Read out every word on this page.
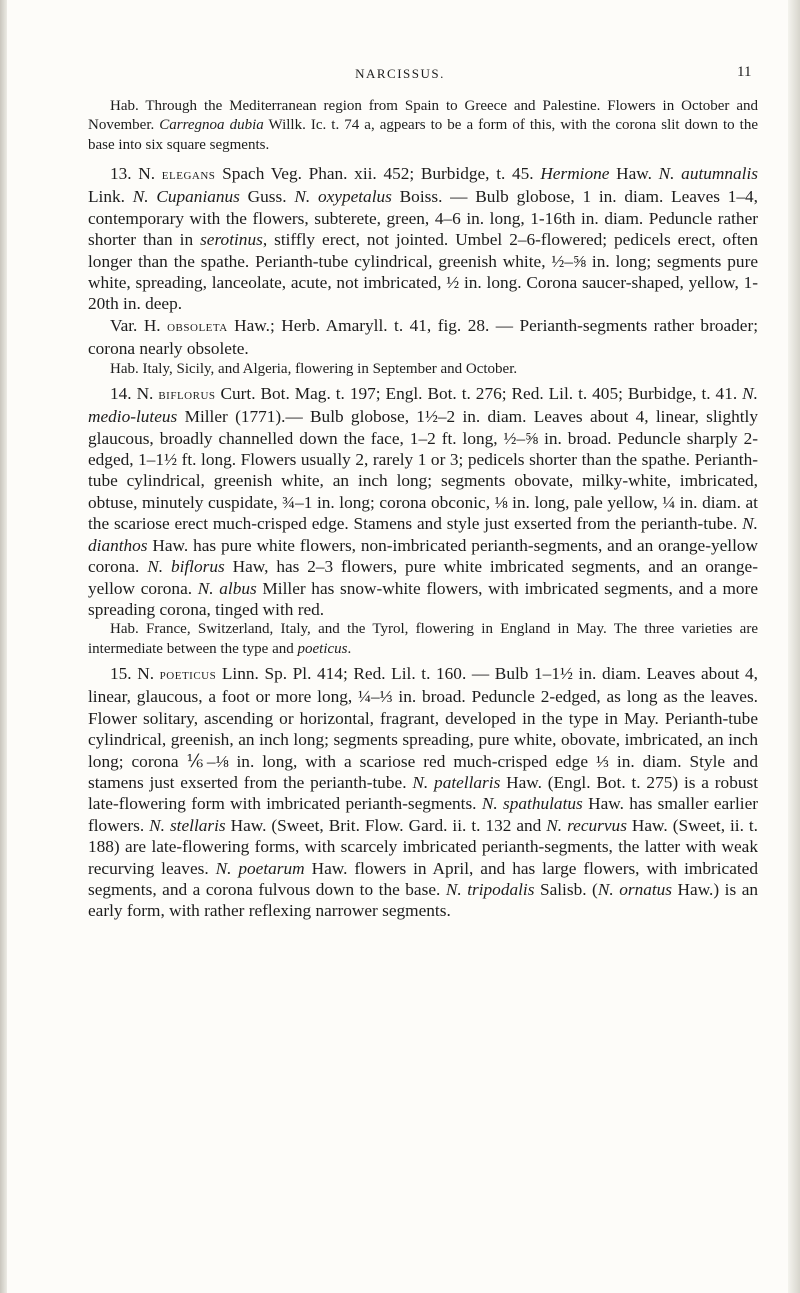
NARCISSUS.	11

Hab. Through the Mediterranean region from Spain to Greece and Palestine. Flowers in October and November. Carregnoa dubia Willk. Ic. t. 74 a, agpears to be a form of this, with the corona slit down to the base into six square segments.

13. N. elegans Spach Veg. Phan. xii. 452; Burbidge, t. 45. Hermione Haw. N. autumnalis Link. N. Cupanianus Guss. N. oxypetalus Boiss. — Bulb globose, 1 in. diam. Leaves 1–4, contemporary with the flowers, subterete, green, 4–6 in. long, 1-16th in. diam. Peduncle rather shorter than in serotinus, stiffly erect, not jointed. Umbel 2–6-flowered; pedicels erect, often longer than the spathe. Perianth-tube cylindrical, greenish white, ½–⅝ in. long; segments pure white, spreading, lanceolate, acute, not imbricated, ½ in. long. Corona saucer-shaped, yellow, 1-20th in. deep.

Var. H. obsoleta Haw.; Herb. Amaryll. t. 41, fig. 28. — Perianth-segments rather broader; corona nearly obsolete.

Hab. Italy, Sicily, and Algeria, flowering in September and October.

14. N. biflorus Curt. Bot. Mag. t. 197; Engl. Bot. t. 276; Red. Lil. t. 405; Burbidge, t. 41. N. medio-luteus Miller (1771).— Bulb globose, 1½–2 in. diam. Leaves about 4, linear, slightly glaucous, broadly channelled down the face, 1–2 ft. long, ½–⅝ in. broad. Peduncle sharply 2-edged, 1–1½ ft. long. Flowers usually 2, rarely 1 or 3; pedicels shorter than the spathe. Perianth-tube cylindrical, greenish white, an inch long; segments obovate, milky-white, imbricated, obtuse, minutely cuspidate, ¾–1 in. long; corona obconic, ⅛ in. long, pale yellow, ¼ in. diam. at the scariose erect much-crisped edge. Stamens and style just exserted from the perianth-tube. N. dianthos Haw. has pure white flowers, non-imbricated perianth-segments, and an orange-yellow corona. N. biflorus Haw, has 2–3 flowers, pure white imbricated segments, and an orange-yellow corona. N. albus Miller has snow-white flowers, with imbricated segments, and a more spreading corona, tinged with red.

Hab. France, Switzerland, Italy, and the Tyrol, flowering in England in May. The three varieties are intermediate between the type and poeticus.

15. N. poeticus Linn. Sp. Pl. 414; Red. Lil. t. 160. — Bulb 1–1½ in. diam. Leaves about 4, linear, glaucous, a foot or more long, ¼–⅓ in. broad. Peduncle 2-edged, as long as the leaves. Flower solitary, ascending or horizontal, fragrant, developed in the type in May. Perianth-tube cylindrical, greenish, an inch long; segments spreading, pure white, obovate, imbricated, an inch long; corona ⅙–⅛ in. long, with a scariose red much-crisped edge ⅓ in. diam. Style and stamens just exserted from the perianth-tube. N. patellaris Haw. (Engl. Bot. t. 275) is a robust late-flowering form with imbricated perianth-segments. N. spathulatus Haw. has smaller earlier flowers. N. stellaris Haw. (Sweet, Brit. Flow. Gard. ii. t. 132 and N. recurvus Haw. (Sweet, ii. t. 188) are late-flowering forms, with scarcely imbricated perianth-segments, the latter with weak recurving leaves. N. poetarum Haw. flowers in April, and has large flowers, with imbricated segments, and a corona fulvous down to the base. N. tripodalis Salisb. (N. ornatus Haw.) is an early form, with rather reflexing narrower segments.
